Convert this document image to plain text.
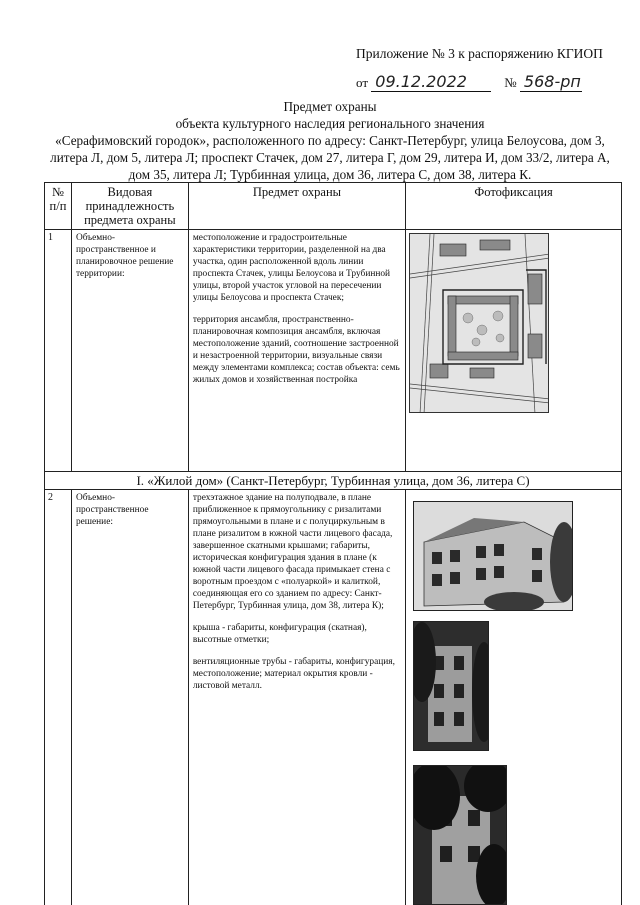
Приложение № 3 к распоряжению КГИОП
от 09.12.2022	№ 568-рп
Предмет охраны
объекта культурного наследия регионального значения
«Серафимовский городок», расположенного по адресу: Санкт-Петербург, улица Белоусова, дом 3, литера Л, дом 5, литера Л; проспект Стачек, дом 27, литера Г, дом 29, литера И, дом 33/2, литера А, дом 35, литера Л; Турбинная улица, дом 36, литера С, дом 38, литера К.
№ п/п	Видовая принадлежность предмета охраны	Предмет охраны	Фотофиксация
1	Объемно-пространственное и планировочное решение территории:	местоположение и градостроительные характеристики территории, разделенной на два участка, один расположенной вдоль линии проспекта Стачек, улицы Белоусова и Трубинной улицы, второй участок угловой на пересечении улицы Белоусова и проспекта Стачек;

территория ансамбля, пространственно-планировочная композиция ансамбля, включая местоположение зданий, соотношение застроенной и незастроенной территории, визуальные связи между элементами комплекса; состав объекта: семь жилых домов и хозяйственная постройка

I. «Жилой дом» (Санкт-Петербург, Турбинная улица, дом 36, литера С)			
2	Объемно-пространственное решение:	трехэтажное здание на полуподвале, в плане приближенное к прямоугольнику с ризалитами прямоугольными в плане и с полуциркульным в плане ризалитом в южной части лицевого фасада, завершенное скатными крышами; габариты, историческая конфигурация здания в плане (к южной части лицевого фасада примыкает стена с воротным проездом с «полуаркой» и калиткой,

соединяющая его со зданием по адресу: Санкт-Петербург, Турбинная улица, дом 38, литера К);

крыша - габариты, конфигурация (скатная), высотные отметки;

вентиляционные трубы - габариты, конфигурация, местоположение; материал окрытия кровли - листовой металл.
